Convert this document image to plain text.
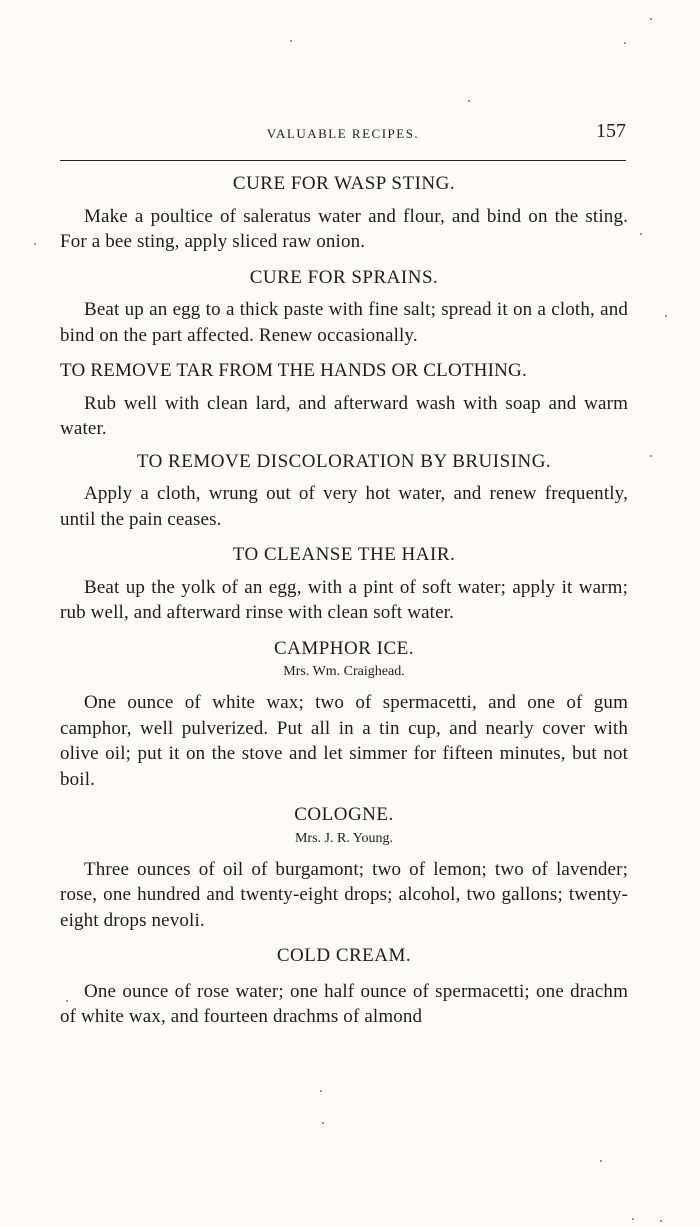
VALUABLE RECIPES.	157
CURE FOR WASP STING.

Make a poultice of saleratus water and flour, and bind on the sting. For a bee sting, apply sliced raw onion.

CURE FOR SPRAINS.

Beat up an egg to a thick paste with fine salt; spread it on a cloth, and bind on the part affected. Renew occasionally.

TO REMOVE TAR FROM THE HANDS OR CLOTHING.

Rub well with clean lard, and afterward wash with soap and warm water.

TO REMOVE DISCOLORATION BY BRUISING.

Apply a cloth, wrung out of very hot water, and renew frequently, until the pain ceases.

TO CLEANSE THE HAIR.

Beat up the yolk of an egg, with a pint of soft water; apply it warm; rub well, and afterward rinse with clean soft water.

CAMPHOR ICE.

Mrs. Wm. Craighead.

One ounce of white wax; two of spermacetti, and one of gum camphor, well pulverized. Put all in a tin cup, and nearly cover with olive oil; put it on the stove and let simmer for fifteen minutes, but not boil.

COLOGNE.

Mrs. J. R. Young.

Three ounces of oil of burgamont; two of lemon; two of lavender; rose, one hundred and twenty-eight drops; alcohol, two gallons; twenty-eight drops nevoli.

COLD CREAM.

One ounce of rose water; one half ounce of spermacetti; one drachm of white wax, and fourteen drachms of almond
